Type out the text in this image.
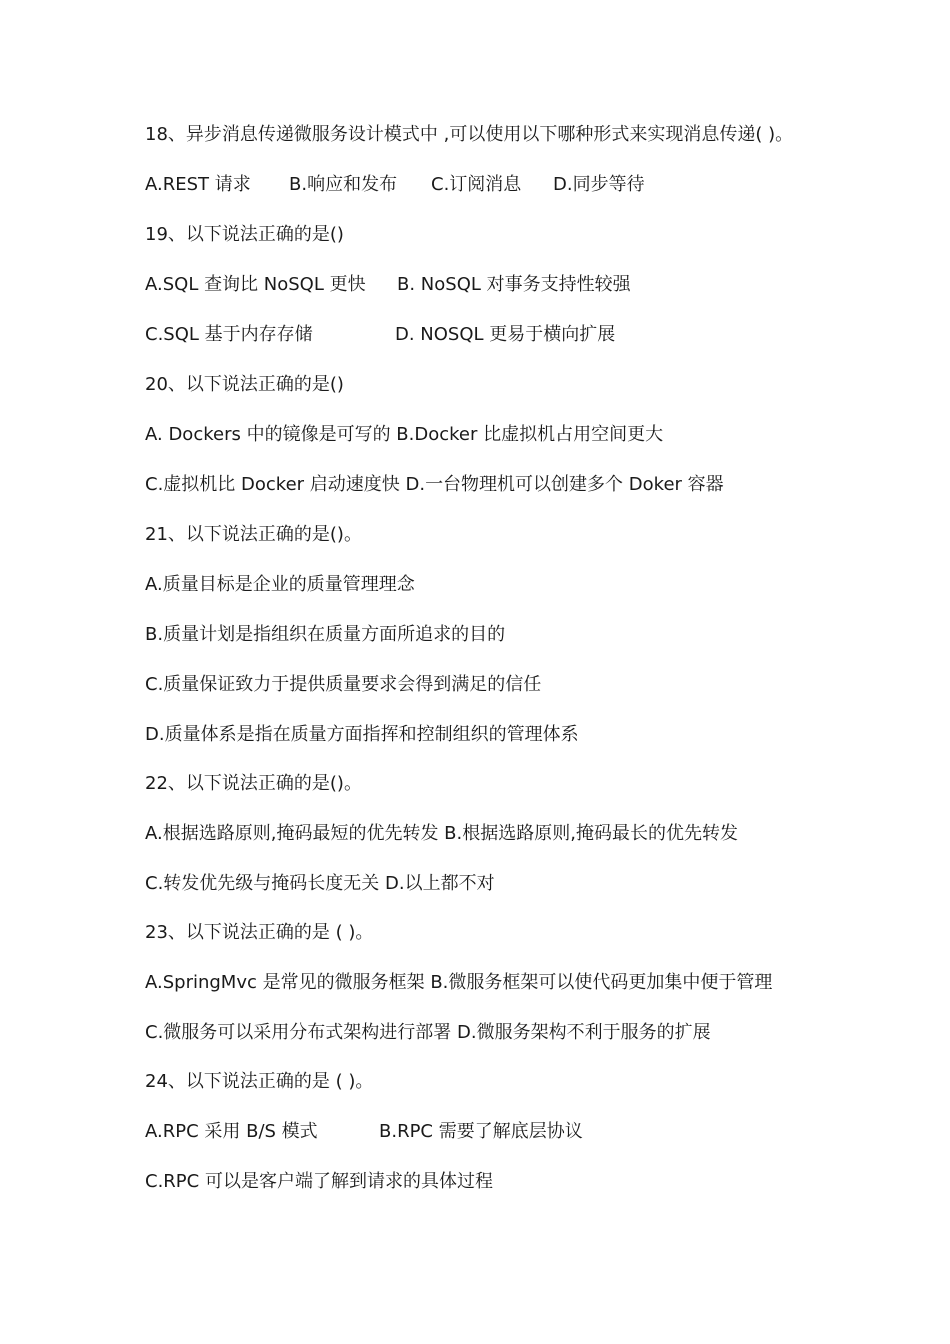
18、异步消息传递微服务设计模式中 ,可以使用以下哪种形式来实现消息传递( )。
A.REST 请求 B.响应和发布 C.订阅消息 D.同步等待
19、以下说法正确的是()
A.SQL 查询比 NoSQL 更快 B. NoSQL 对事务支持性较强
C.SQL 基于内存存储	D. NOSQL 更易于横向扩展
20、以下说法正确的是()
A. Dockers 中的镜像是可写的 B.Docker 比虚拟机占用空间更大
C.虚拟机比 Docker 启动速度快 D.一台物理机可以创建多个 Doker 容器
21、以下说法正确的是()。
A.质量目标是企业的质量管理理念
B.质量计划是指组织在质量方面所追求的目的
C.质量保证致力于提供质量要求会得到满足的信任
D.质量体系是指在质量方面指挥和控制组织的管理体系
22、以下说法正确的是()。
A.根据选路原则,掩码最短的优先转发 B.根据选路原则,掩码最长的优先转发
C.转发优先级与掩码长度无关 D.以上都不对
23、以下说法正确的是 ( )。
A.SpringMvc 是常见的微服务框架 B.微服务框架可以使代码更加集中便于管理
C.微服务可以采用分布式架构进行部署 D.微服务架构不利于服务的扩展
24、以下说法正确的是 ( )。
A.RPC 采用 B/S 模式	B.RPC 需要了解底层协议
C.RPC 可以是客户端了解到请求的具体过程
